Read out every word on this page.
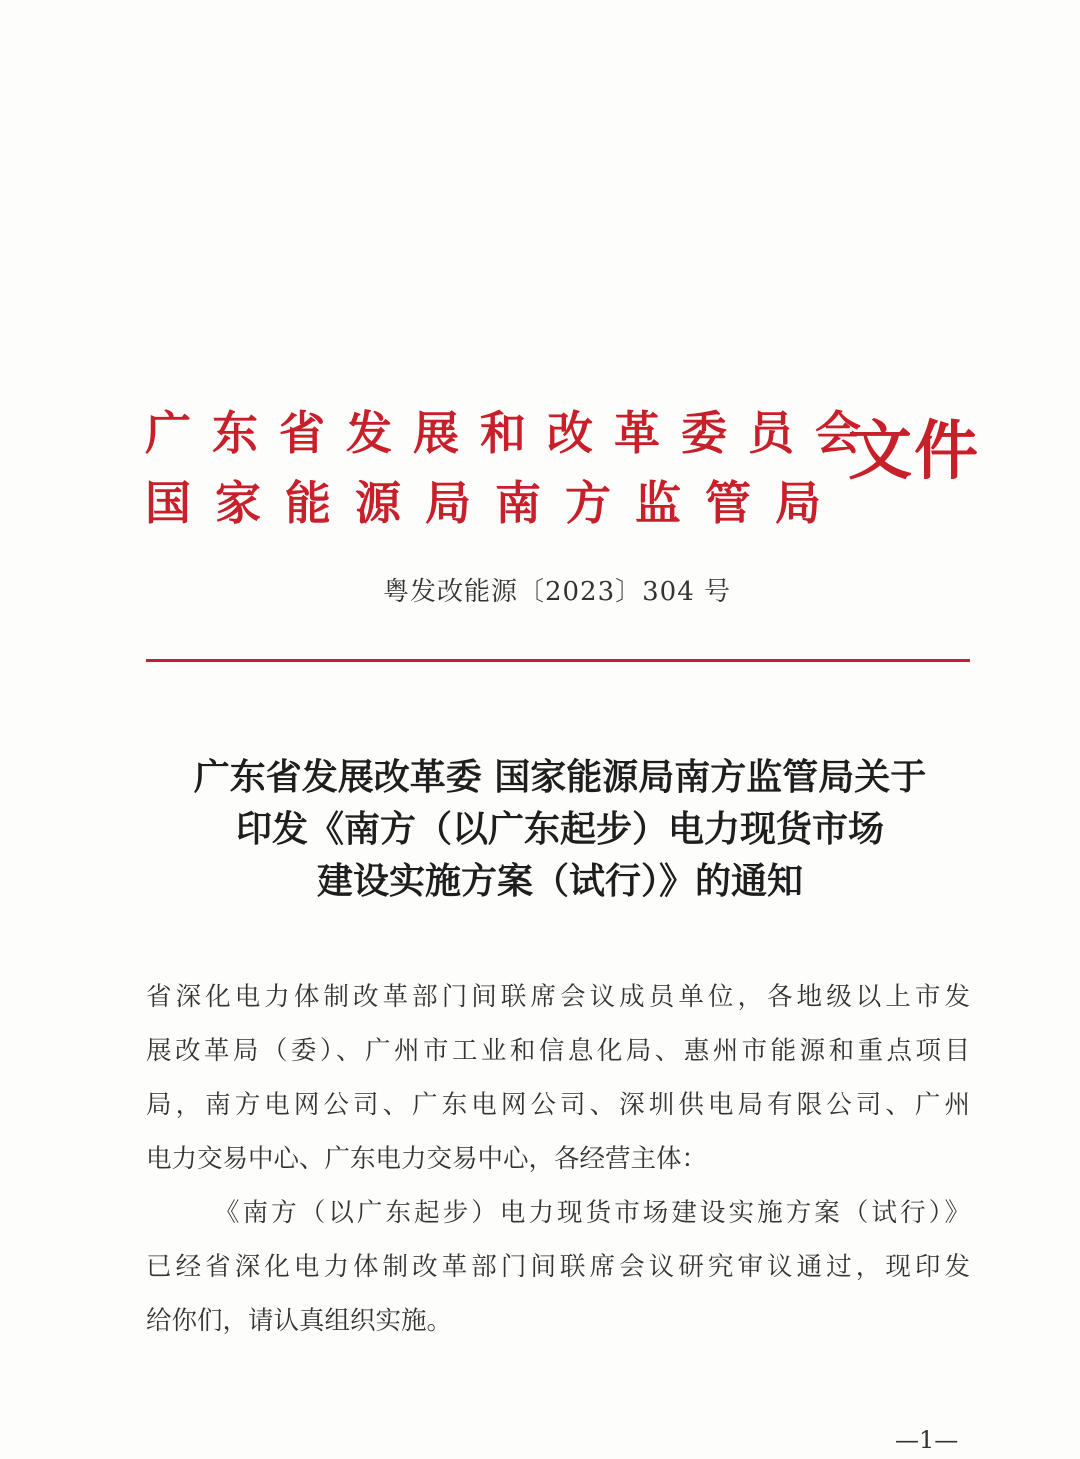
广东省发展和改革委员会
国家能源局南方监管局
文件
粤发改能源〔2023〕304 号
广东省发展改革委 国家能源局南方监管局关于
印发《南方（以广东起步）电力现货市场
建设实施方案（试行）》的通知
省深化电力体制改革部门间联席会议成员单位，各地级以上市发
展改革局（委）、广州市工业和信息化局、惠州市能源和重点项目
局，南方电网公司、广东电网公司、深圳供电局有限公司、广州
电力交易中心、广东电力交易中心，各经营主体：
《南方（以广东起步）电力现货市场建设实施方案（试行）》
已经省深化电力体制改革部门间联席会议研究审议通过，现印发
给你们，请认真组织实施。
—1—
